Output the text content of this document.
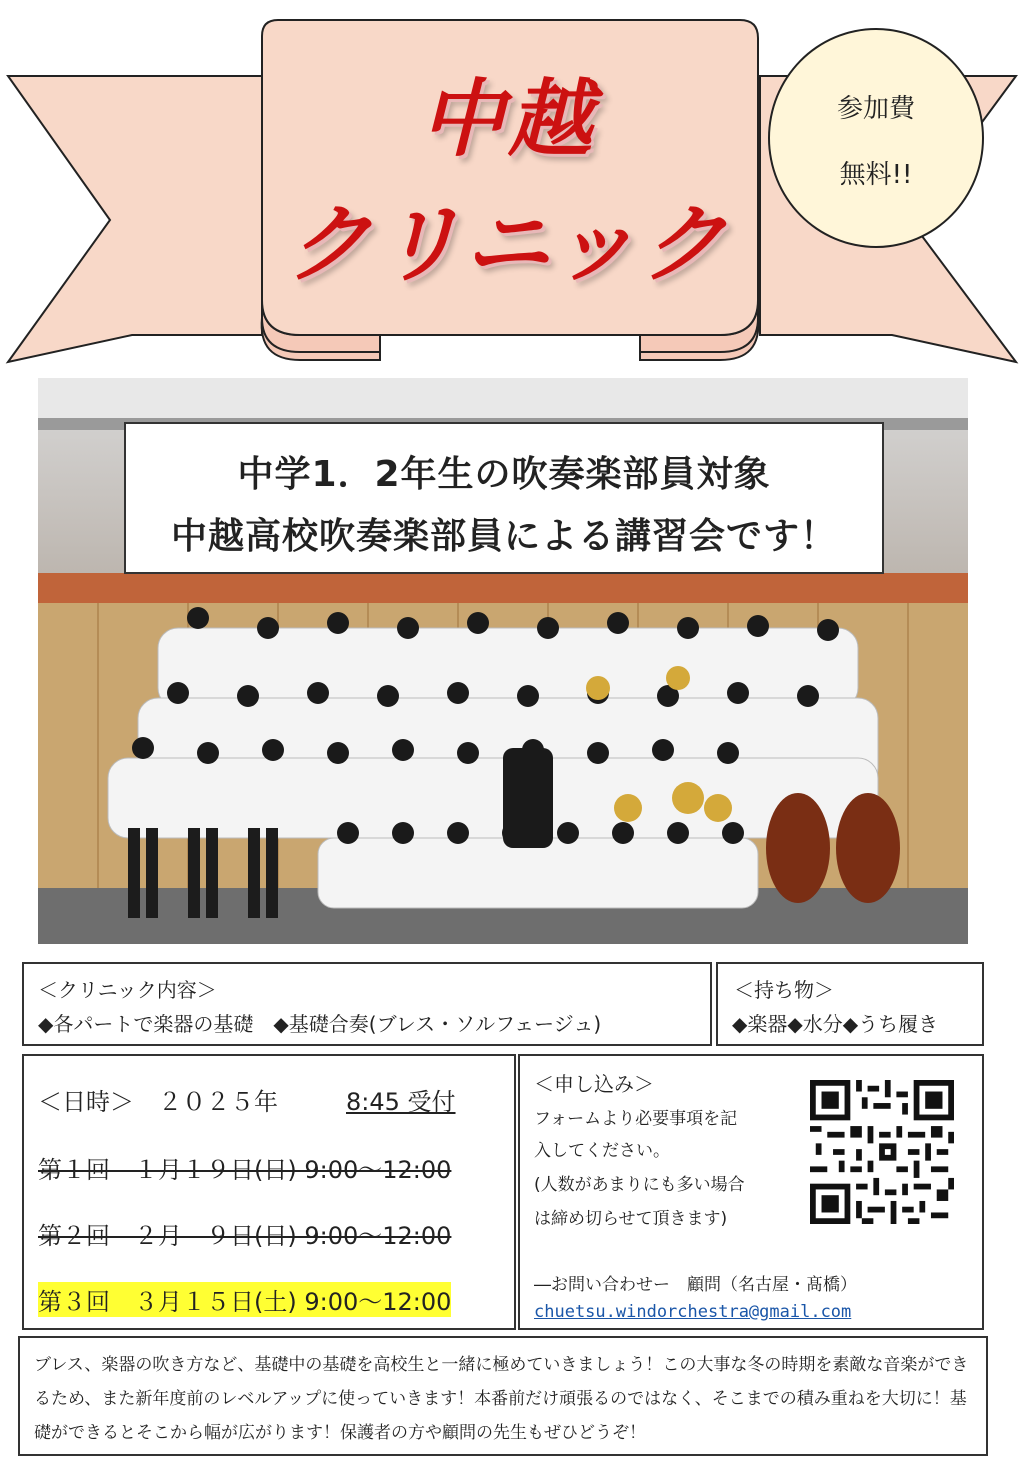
中越
クリニック
参加費
無料!!
中学1．2年生の吹奏楽部員対象
中越高校吹奏楽部員による講習会です！
＜クリニック内容＞
◆各パートで楽器の基礎　◆基礎合奏(ブレス・ソルフェージュ)
＜持ち物＞
◆楽器◆水分◆うち履き
＜日時＞　２０２５年	8:45 受付
第１回　１月１９日(日) 9:00～12:00
第２回　２月　９日(日) 9:00～12:00
第３回　３月１５日(土) 9:00～12:00
＜申し込み＞
フォームより必要事項を記
入してください。
(人数があまりにも多い場合
は締め切らせて頂きます)
―お問い合わせー　顧問（名古屋・髙橋）
chuetsu.windorchestra@gmail.com
ブレス、楽器の吹き方など、基礎中の基礎を高校生と一緒に極めていきましょう！この大事な冬の時期を素敵な音楽ができるため、また新年度前のレベルアップに使っていきます！本番前だけ頑張るのではなく、そこまでの積み重ねを大切に！基礎ができるとそこから幅が広がります！保護者の方や顧問の先生もぜひどうぞ！
